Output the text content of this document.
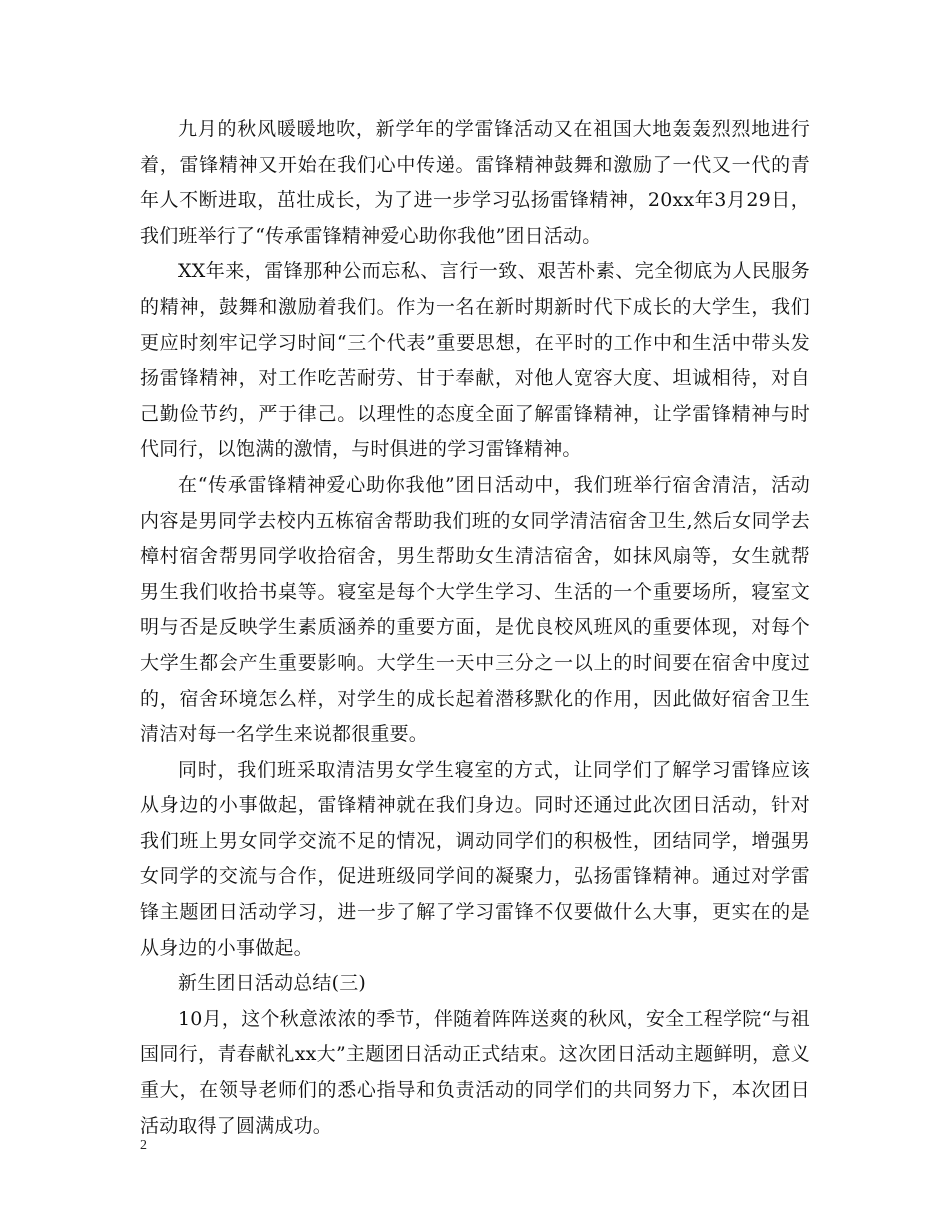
九月的秋风暖暖地吹，新学年的学雷锋活动又在祖国大地轰轰烈烈地进行着，雷锋精神又开始在我们心中传递。雷锋精神鼓舞和激励了一代又一代的青年人不断进取，茁壮成长，为了进一步学习弘扬雷锋精神，20xx年3月29日，我们班举行了“传承雷锋精神爱心助你我他”团日活动。

XX年来，雷锋那种公而忘私、言行一致、艰苦朴素、完全彻底为人民服务的精神，鼓舞和激励着我们。作为一名在新时期新时代下成长的大学生，我们更应时刻牢记学习时间“三个代表”重要思想，在平时的工作中和生活中带头发扬雷锋精神，对工作吃苦耐劳、甘于奉献，对他人宽容大度、坦诚相待，对自己勤俭节约，严于律己。以理性的态度全面了解雷锋精神，让学雷锋精神与时代同行，以饱满的激情，与时俱进的学习雷锋精神。

在“传承雷锋精神爱心助你我他”团日活动中，我们班举行宿舍清洁，活动内容是男同学去校内五栋宿舍帮助我们班的女同学清洁宿舍卫生,然后女同学去樟村宿舍帮男同学收拾宿舍，男生帮助女生清洁宿舍，如抹风扇等，女生就帮男生我们收拾书桌等。寝室是每个大学生学习、生活的一个重要场所，寝室文明与否是反映学生素质涵养的重要方面，是优良校风班风的重要体现，对每个大学生都会产生重要影响。大学生一天中三分之一以上的时间要在宿舍中度过的，宿舍环境怎么样，对学生的成长起着潜移默化的作用，因此做好宿舍卫生清洁对每一名学生来说都很重要。

同时，我们班采取清洁男女学生寝室的方式，让同学们了解学习雷锋应该从身边的小事做起，雷锋精神就在我们身边。同时还通过此次团日活动，针对我们班上男女同学交流不足的情况，调动同学们的积极性，团结同学，增强男女同学的交流与合作，促进班级同学间的凝聚力，弘扬雷锋精神。通过对学雷锋主题团日活动学习，进一步了解了学习雷锋不仅要做什么大事，更实在的是从身边的小事做起。

新生团日活动总结(三)

10月，这个秋意浓浓的季节，伴随着阵阵送爽的秋风，安全工程学院“与祖国同行，青春献礼xx大”主题团日活动正式结束。这次团日活动主题鲜明，意义重大，在领导老师们的悉心指导和负责活动的同学们的共同努力下，本次团日活动取得了圆满成功。

2
